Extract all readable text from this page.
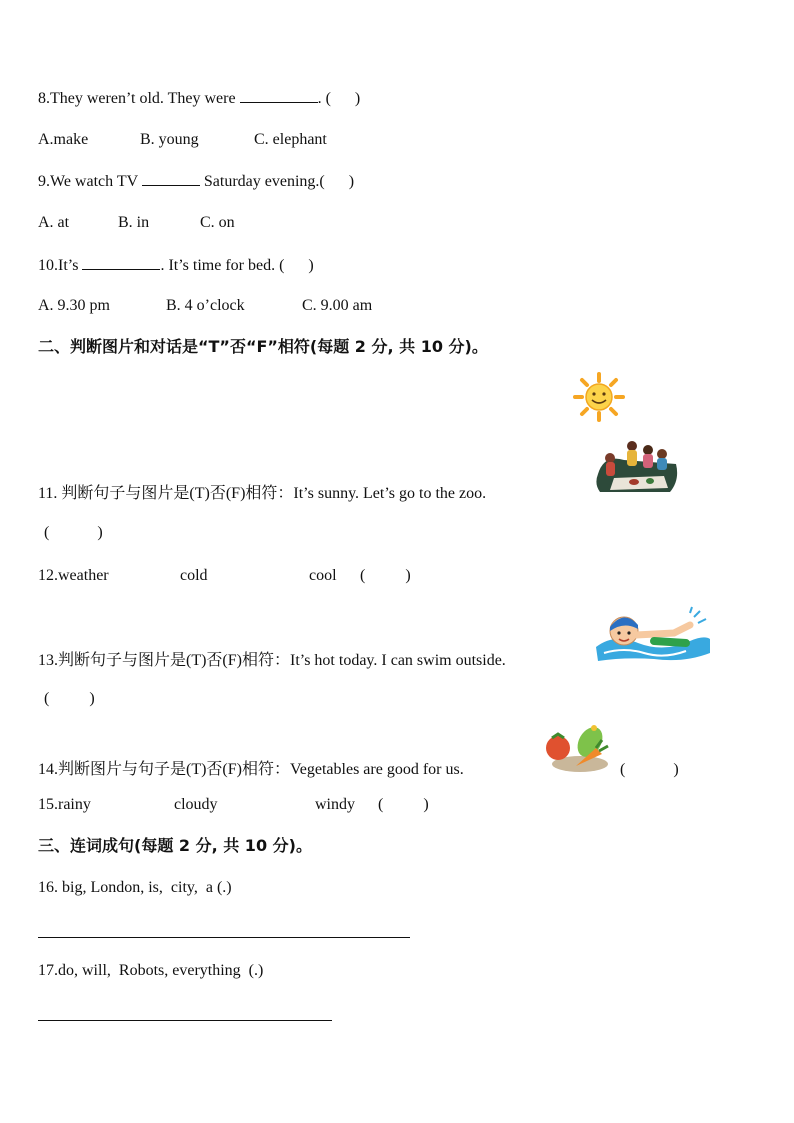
8.They weren’t old. They were	. (      )
A.make	B. young	C. elephant
9.We watch TV	Saturday evening.(      )
A. at	B. in	C. on
10.It’s	. It’s time for bed. (      )
A. 9.30 pm	B. 4 o’clock	C. 9.00 am
二、判断图片和对话是“T”否“F”相符(每题 2 分, 共 10 分)。
11. 判断句子与图片是(T)否(F)相符：It’s sunny. Let’s go to the zoo.
(            )
12.weather	cold	cool (          )
13.判断句子与图片是(T)否(F)相符：It’s hot today. I can swim outside.
(          )
14.判断图片与句子是(T)否(F)相符：Vegetables are good for us.	(            )
15.rainy	cloudy	windy (          )
三、连词成句(每题 2 分, 共 10 分)。
16. big, London, is,  city,  a (.)
17.do, will,  Robots, everything  (.)
